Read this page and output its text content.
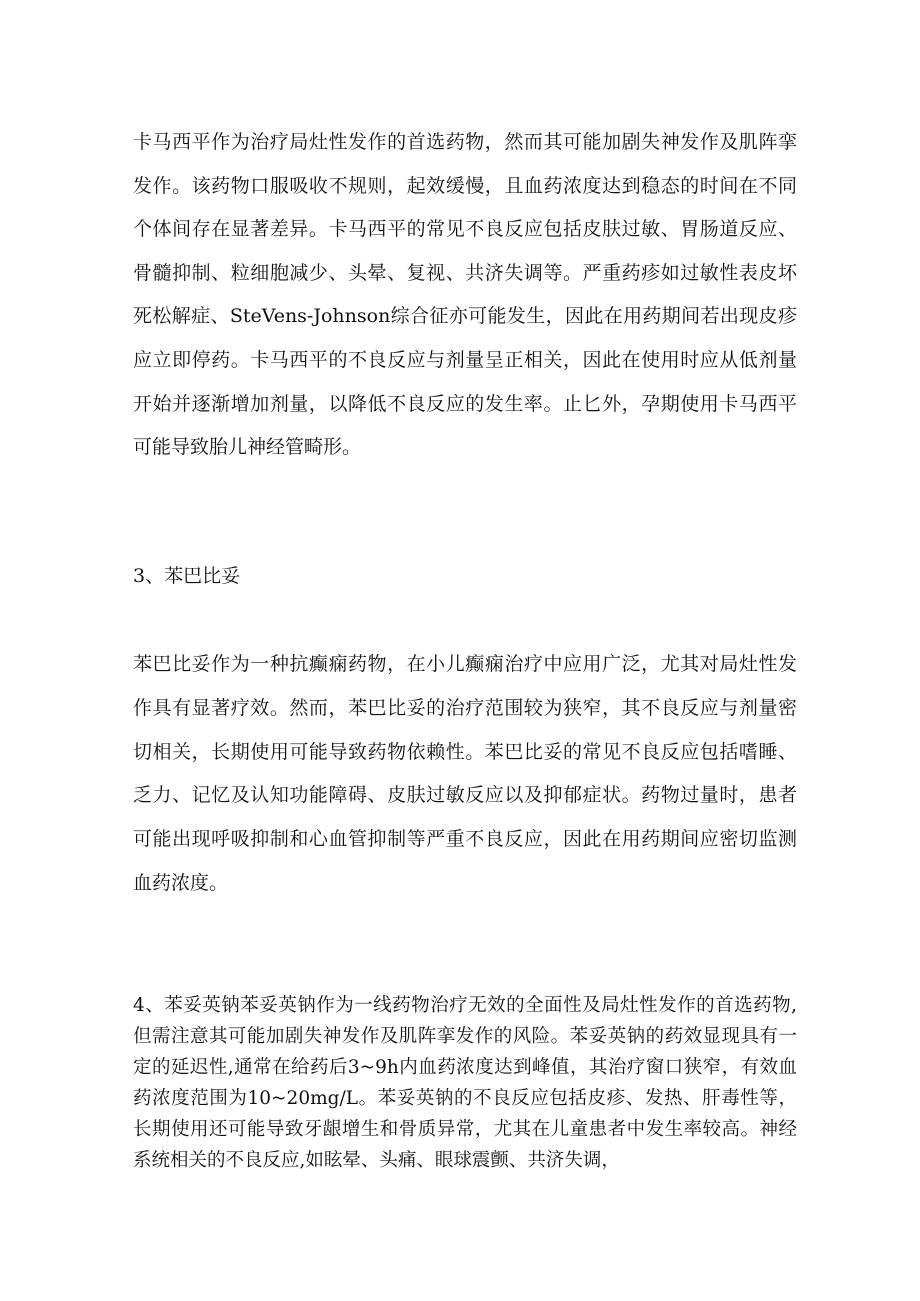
卡马西平作为治疗局灶性发作的首选药物，然而其可能加剧失神发作及肌阵挛发作。该药物口服吸收不规则，起效缓慢，且血药浓度达到稳态的时间在不同个体间存在显著差异。卡马西平的常见不良反应包括皮肤过敏、胃肠道反应、骨髓抑制、粒细胞减少、头晕、复视、共济失调等。严重药疹如过敏性表皮坏死松解症、SteVens-Johnson综合征亦可能发生，因此在用药期间若出现皮疹应立即停药。卡马西平的不良反应与剂量呈正相关，因此在使用时应从低剂量开始并逐渐增加剂量，以降低不良反应的发生率。止匕外，孕期使用卡马西平可能导致胎儿神经管畸形。

3、苯巴比妥

苯巴比妥作为一种抗癫痫药物，在小儿癫痫治疗中应用广泛，尤其对局灶性发作具有显著疗效。然而，苯巴比妥的治疗范围较为狭窄，其不良反应与剂量密切相关，长期使用可能导致药物依赖性。苯巴比妥的常见不良反应包括嗜睡、乏力、记忆及认知功能障碍、皮肤过敏反应以及抑郁症状。药物过量时，患者可能出现呼吸抑制和心血管抑制等严重不良反应，因此在用药期间应密切监测血药浓度。

4、苯妥英钠苯妥英钠作为一线药物治疗无效的全面性及局灶性发作的首选药物,但需注意其可能加剧失神发作及肌阵挛发作的风险。苯妥英钠的药效显现具有一定的延迟性,通常在给药后3~9h内血药浓度达到峰值，其治疗窗口狭窄，有效血药浓度范围为10~20mg/L。苯妥英钠的不良反应包括皮疹、发热、肝毒性等，长期使用还可能导致牙龈增生和骨质异常，尤其在儿童患者中发生率较高。神经系统相关的不良反应,如眩晕、头痛、眼球震颤、共济失调，
